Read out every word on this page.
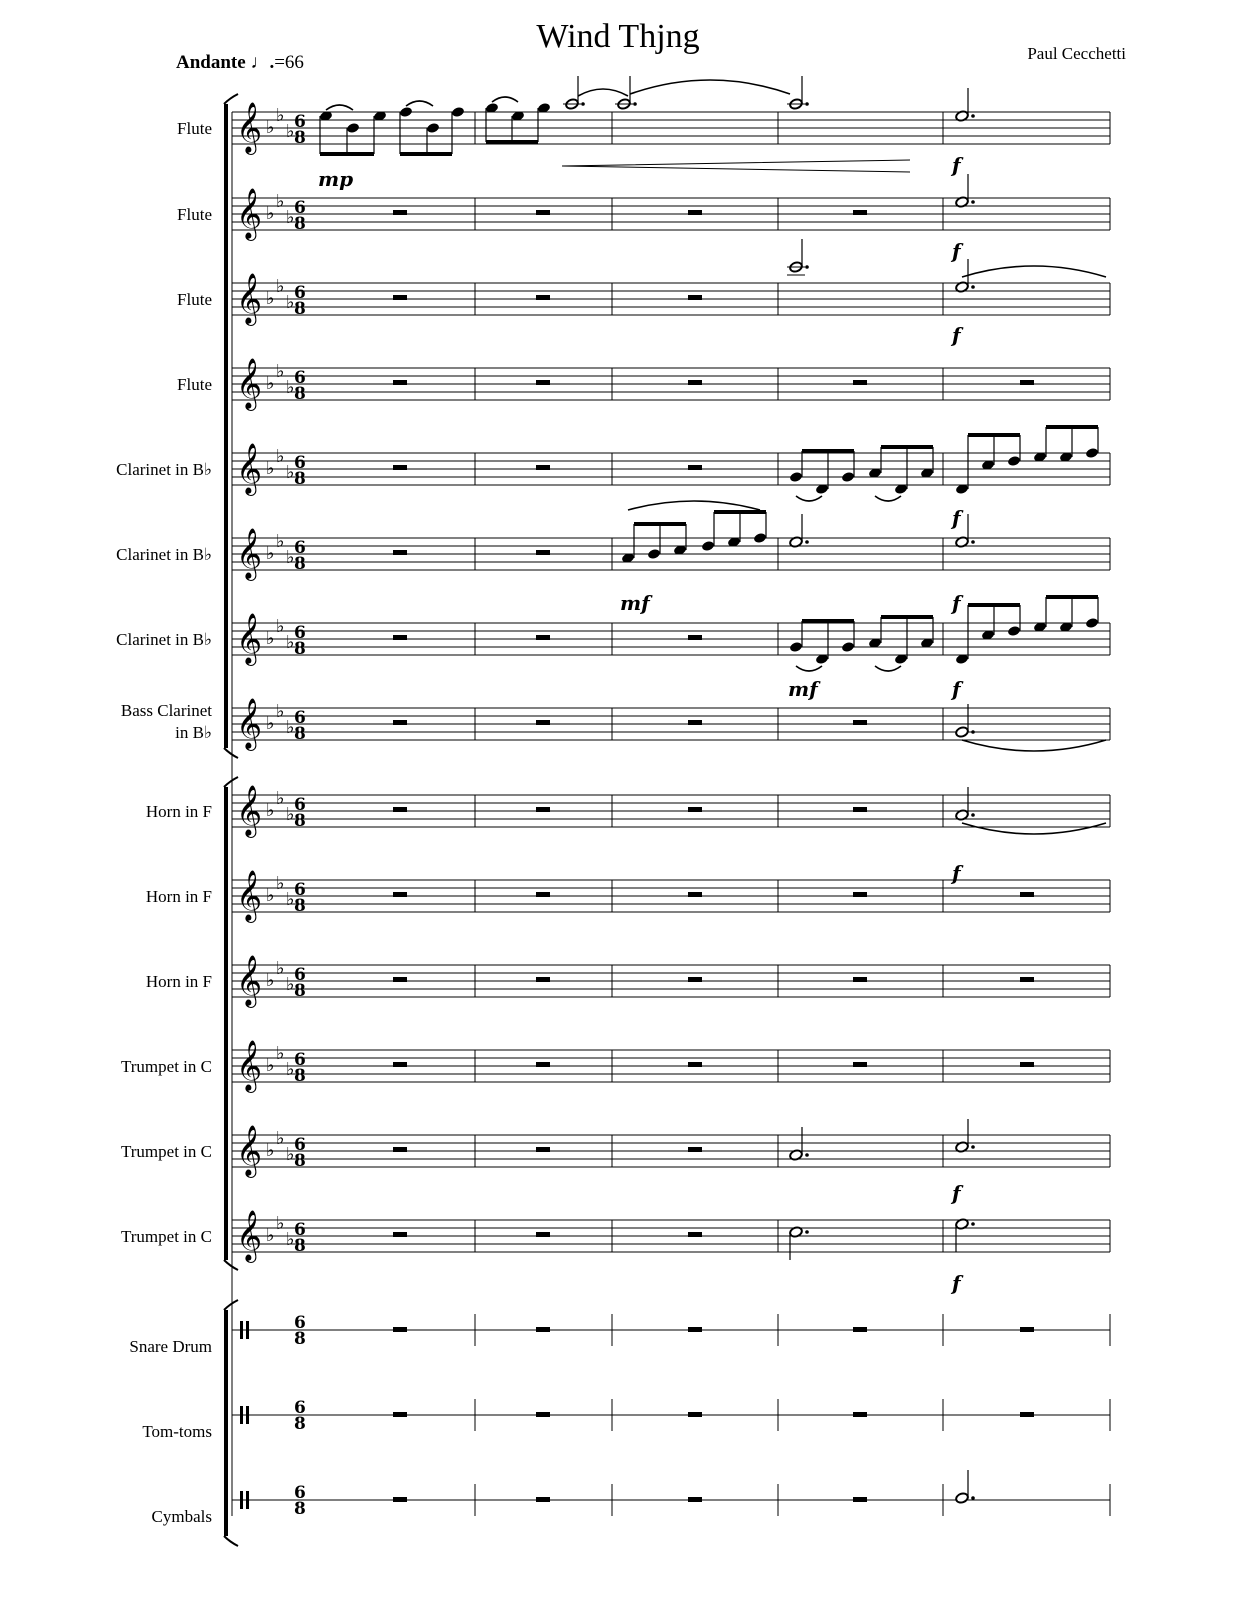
Wind Thjng	Paul Cecchetti
Andante ♩.=66
Flute
Flute
Flute
Flute
Clarinet in B♭
Clarinet in B♭
Clarinet in B♭
Bass Clarinet
in B♭
Horn in F
Horn in F
Horn in F
Trumpet in C
Trumpet in C
Trumpet in C
Snare Drum
Tom-toms
Cymbals
𝄞 ♭
♭
♭ 6
8
𝄞 ♭
♭
♭ 6
8
𝄞 ♭
♭
♭ 6
8
𝄞 ♭
♭
♭ 6
8
𝄞 ♭
♭
♭ 6
8
𝄞 ♭
♭
♭ 6
8
𝄞 ♭
♭
♭ 6
8
𝄞 ♭
♭
♭ 6
8
𝄞 ♭
♭
♭ 6
8
𝄞 ♭
♭
♭ 6
8
𝄞 ♭
♭
♭ 6
8
𝄞 ♭
♭
♭ 6
8
𝄞 ♭
♭
♭ 6
8
𝄞 ♭
♭
♭ 6
8
6
8
6
8
6
8
mp
f
f
f
f
mf	f
mf	f
f
f
f
